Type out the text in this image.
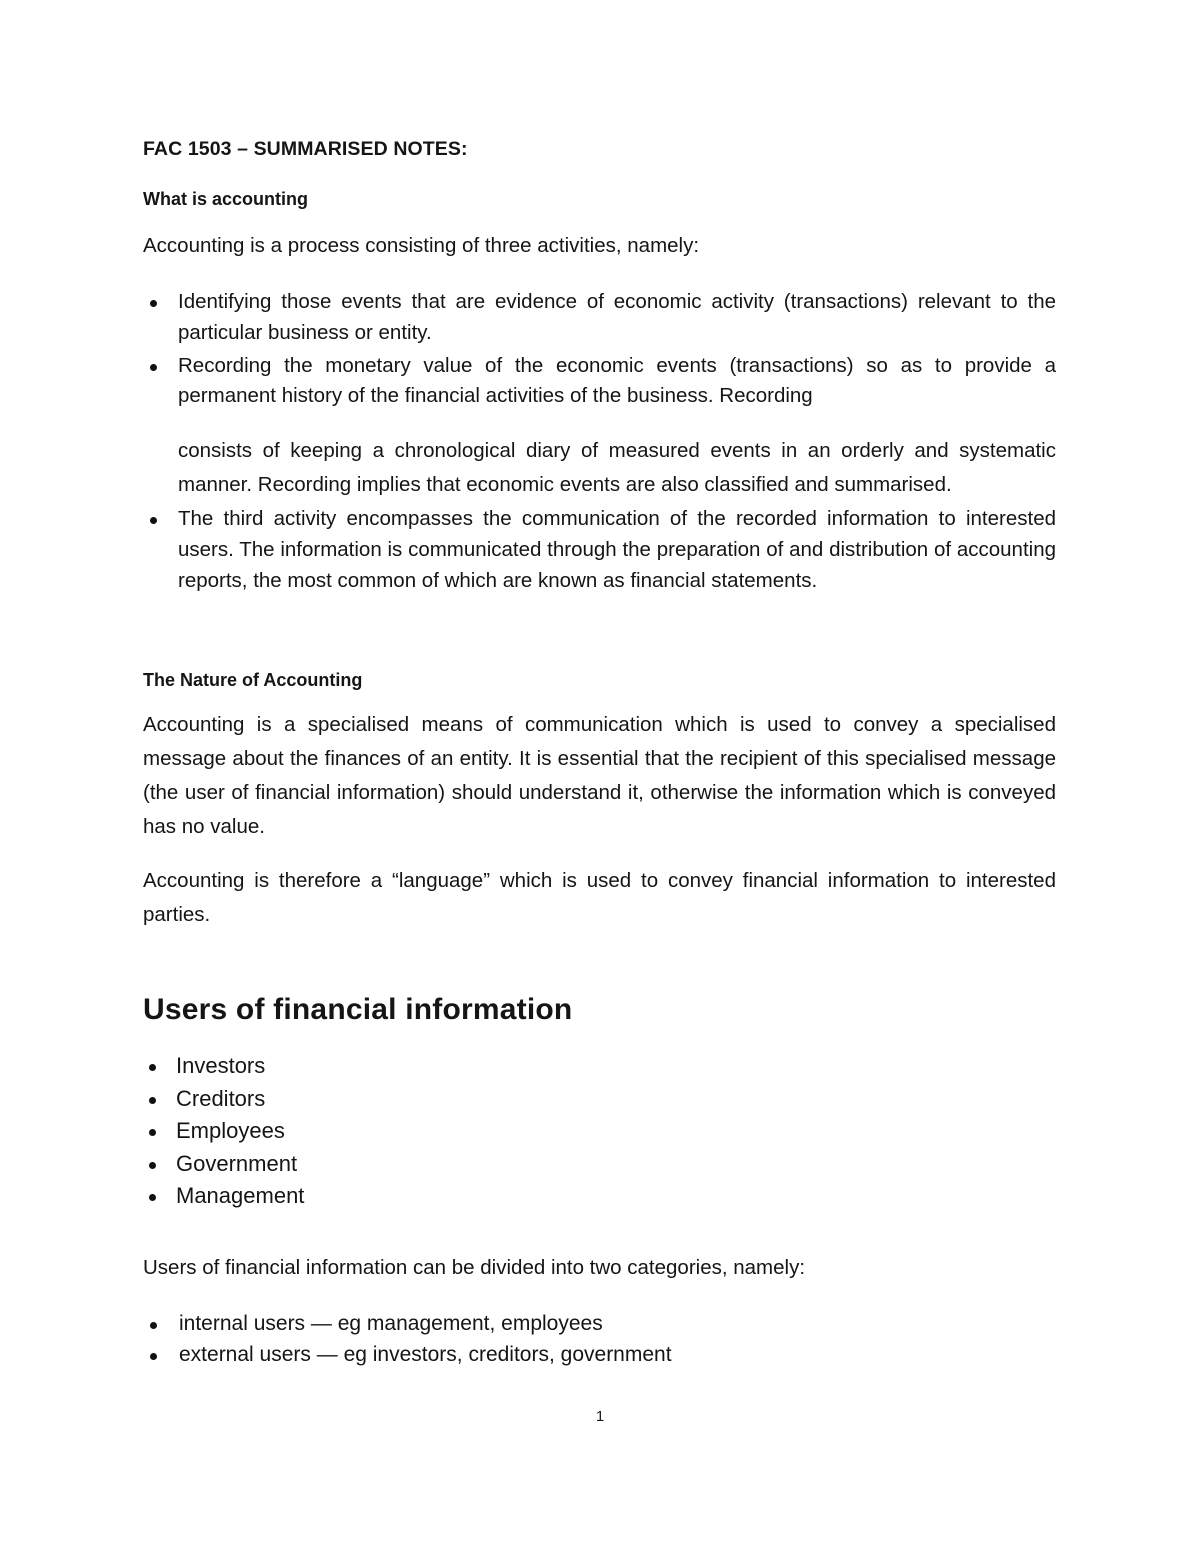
FAC 1503 – SUMMARISED NOTES:
What is accounting

Accounting is a process consisting of three activities, namely:

Identifying those events that are evidence of economic activity (transactions) relevant to the particular business or entity.
Recording the monetary value of the economic events (transactions) so as to provide a permanent history of the financial activities of the business. Recording
consists of keeping a chronological diary of measured events in an orderly and systematic manner. Recording implies that economic events are also classified and summarised.
The third activity encompasses the communication of the recorded information to interested users. The information is communicated through the preparation of and distribution of accounting reports, the most common of which are known as financial statements.
The Nature of Accounting

Accounting is a specialised means of communication which is used to convey a specialised message about the finances of an entity. It is essential that the recipient of this specialised message (the user of financial information) should understand it, otherwise the information which is conveyed has no value.

Accounting is therefore a “language” which is used to convey financial information to interested parties.

Users of financial information
Investors
Creditors
Employees
Government
Management

Users of financial information can be divided into two categories, namely:

internal users — eg management, employees
external users — eg investors, creditors, government
1
